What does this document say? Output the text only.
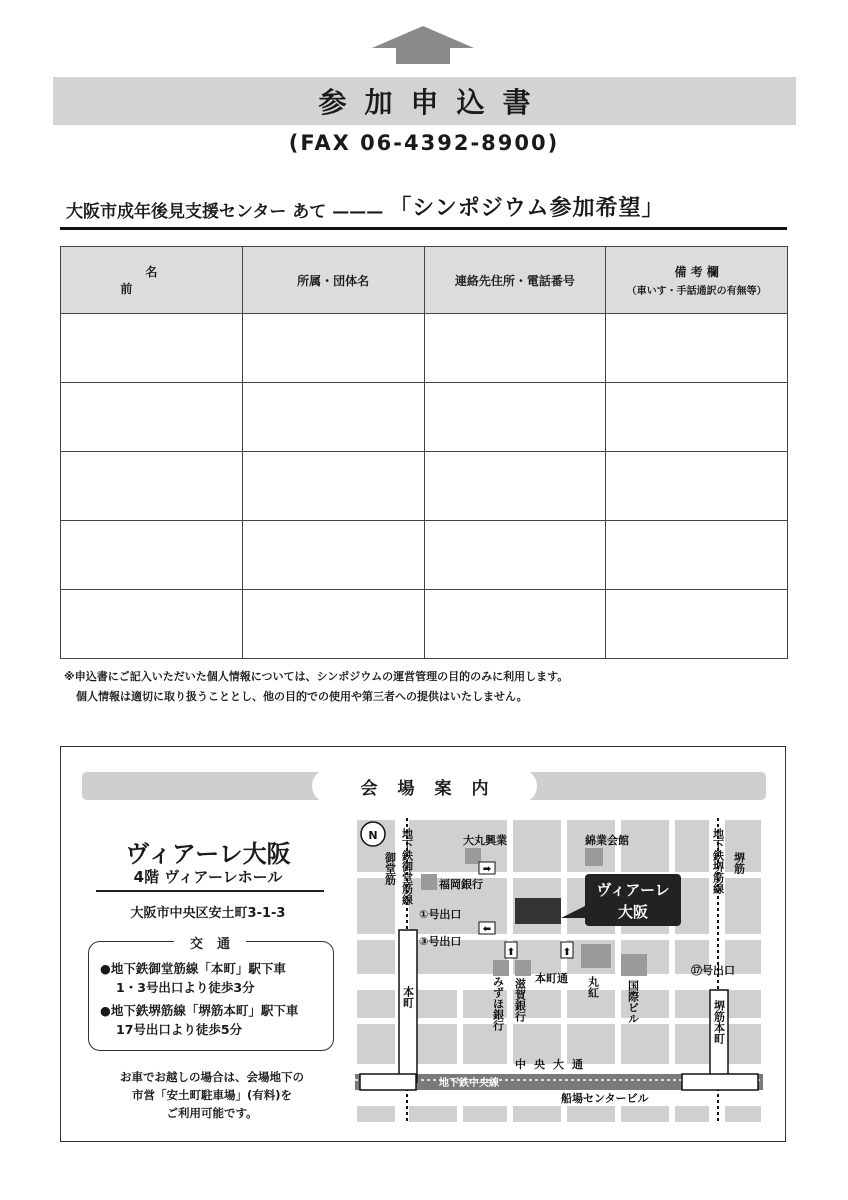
参加申込書
(FAX 06-4392-8900)
大阪市成年後見支援センター あて ——— 「シンポジウム参加希望」
名　前	所属・団体名	連絡先住所・電話番号	備 考 欄
（車いす・手話通訳の有無等）

※申込書にご記入いただいた個人情報については、シンポジウムの運営管理の目的のみに利用します。
個人情報は適切に取り扱うこととし、他の目的での使用や第三者への提供はいたしません。
会場案内
ヴィアーレ大阪
4階 ヴィアーレホール
大阪市中央区安土町3-1-3
交通
●地下鉄御堂筋線「本町」駅下車
1・3号出口より徒歩3分
●地下鉄堺筋線「堺筋本町」駅下車
17号出口より徒歩5分
お車でお越しの場合は、会場地下の
市営「安土町駐車場」(有料)を
ご利用可能です。
ヴィアーレ
大阪
N 地下鉄御堂筋線
御堂筋	地下鉄堺筋線 堺筋
大丸興業	綿業会館
福岡銀行
①号出口
③号出口
⑰号出口
➡
⬅
⬆	⬆
みずほ銀行 滋賀銀行 本町通 丸紅 国際ビル
本町
堺筋本町
中央大通
地下鉄中央線
船場センタービル
